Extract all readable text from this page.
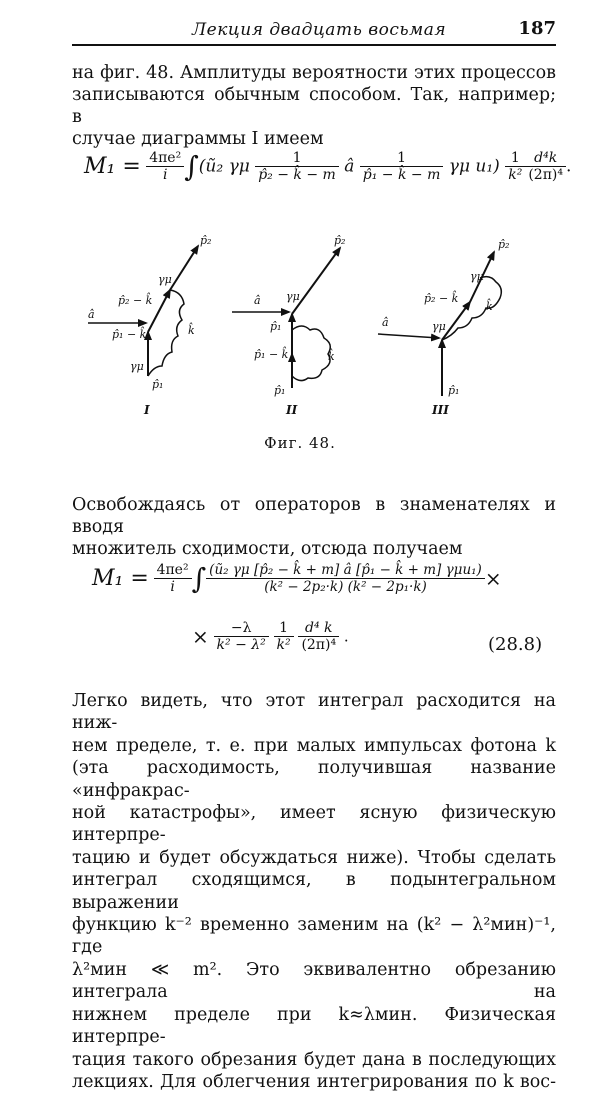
Лекция двадцать восьмая	187
на фиг. 48. Амплитуды вероятности этих процессов
записываются обычным способом. Так, например; в
случае диаграммы I имеем
$M_1 = \frac{\text{4πe²}}{i}$ ∫(ũ₂ γμ $\frac{1}{\text{p̂₂ − k̂ − m}}$ â $\frac{1}{\text{p̂₁ − k̂ − m}}$ γμ $u_1) \frac{1}{\text{k²}} \frac{\text{d⁴k}}{\text{(2π)⁴}}$ .
p̂₂
γμ
p̂₂ − k̂
â
p̂₁ − k̂	k̂
γμ
p̂₁
I
p̂₂
â γμ
p̂₁
p̂₁ − k̂	k̂
p̂₁
II
p̂₂
γμ
p̂₂ − k̂
k̂
â	γμ
p̂₁
III
Фиг. 48.
Освобождаясь от операторов в знаменателях и вводя
множитель сходимости, отсюда получаем
$M_1 = \frac{\text{4πe²}}{i}$ ∫ $\frac{\text{(ũ₂ γμ [p̂₂ − k̂ + m] â [p̂₁ − k̂ + m] γμu₁)}}{\text{(k² − 2p₂·k) (k² − 2p₁·k)}}$ ×
× $\frac{-\lambda}{\text{k² − λ²}}$
$\frac{1}{\text{k²}}$
$\frac{\text{d⁴ k}}{\text{(2π)⁴}}$ .	(28.8)
Легко видеть, что этот интеграл расходится на ниж-
нем пределе, т. е. при малых импульсах фотона k
(эта расходимость, получившая название «инфракрас-
ной катастрофы», имеет ясную физическую интерпре-
тацию и будет обсуждаться ниже). Чтобы сделать
интеграл сходящимся, в подынтегральном выражении
функцию k⁻² временно заменим на (k² − λ²мин)⁻¹, где
λ²мин ≪ m². Это эквивалентно обрезанию интеграла на
нижнем пределе при k≈λмин. Физическая интерпре-
тация такого обрезания будет дана в последующих
лекциях. Для облегчения интегрирования по k вос-
